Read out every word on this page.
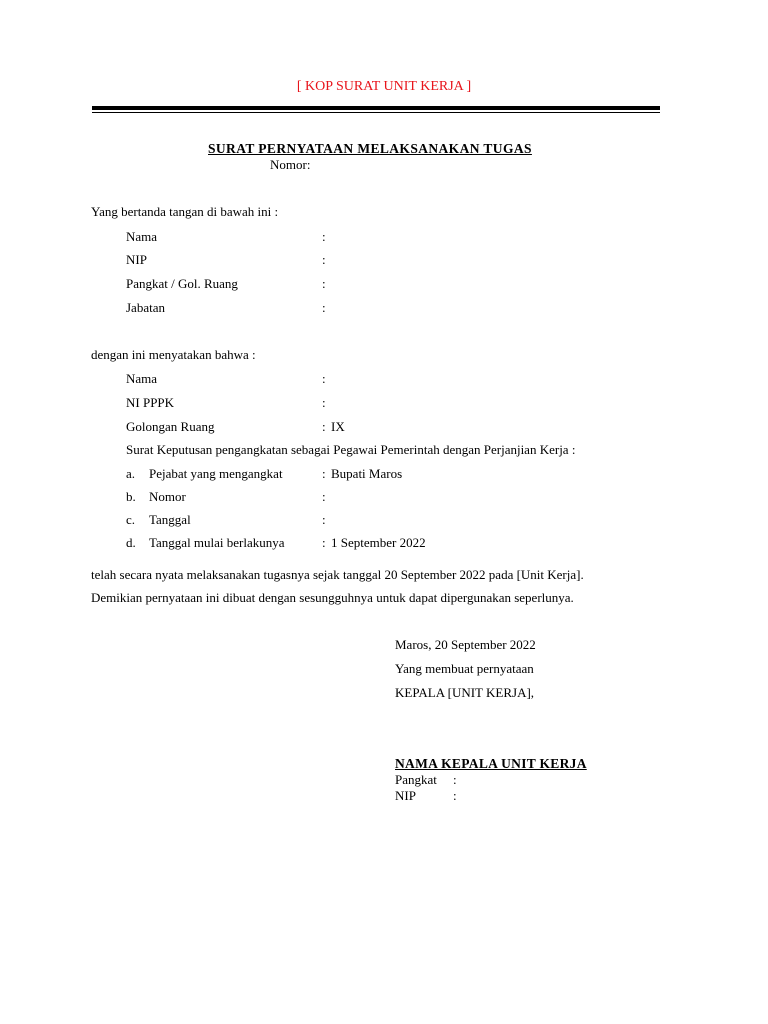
[ KOP SURAT UNIT KERJA ]
SURAT PERNYATAAN MELAKSANAKAN TUGAS
Nomor:
Yang bertanda tangan di bawah ini :
Nama	:
NIP	:
Pangkat / Gol. Ruang	:
Jabatan	:
dengan ini menyatakan bahwa :
Nama	:
NI PPPK	:
Golongan Ruang	: IX
Surat Keputusan pengangkatan sebagai Pegawai Pemerintah dengan Perjanjian Kerja :
a. Pejabat yang mengangkat	: Bupati Maros
b. Nomor	:
c. Tanggal	:
d. Tanggal mulai berlakunya	: 1 September 2022
telah secara nyata melaksanakan tugasnya sejak tanggal 20 September 2022 pada [Unit Kerja].
Demikian pernyataan ini dibuat dengan sesungguhnya untuk dapat dipergunakan seperlunya.
Maros, 20 September 2022
Yang membuat pernyataan
KEPALA [UNIT KERJA],
NAMA KEPALA UNIT KERJA
Pangkat :
NIP	:
